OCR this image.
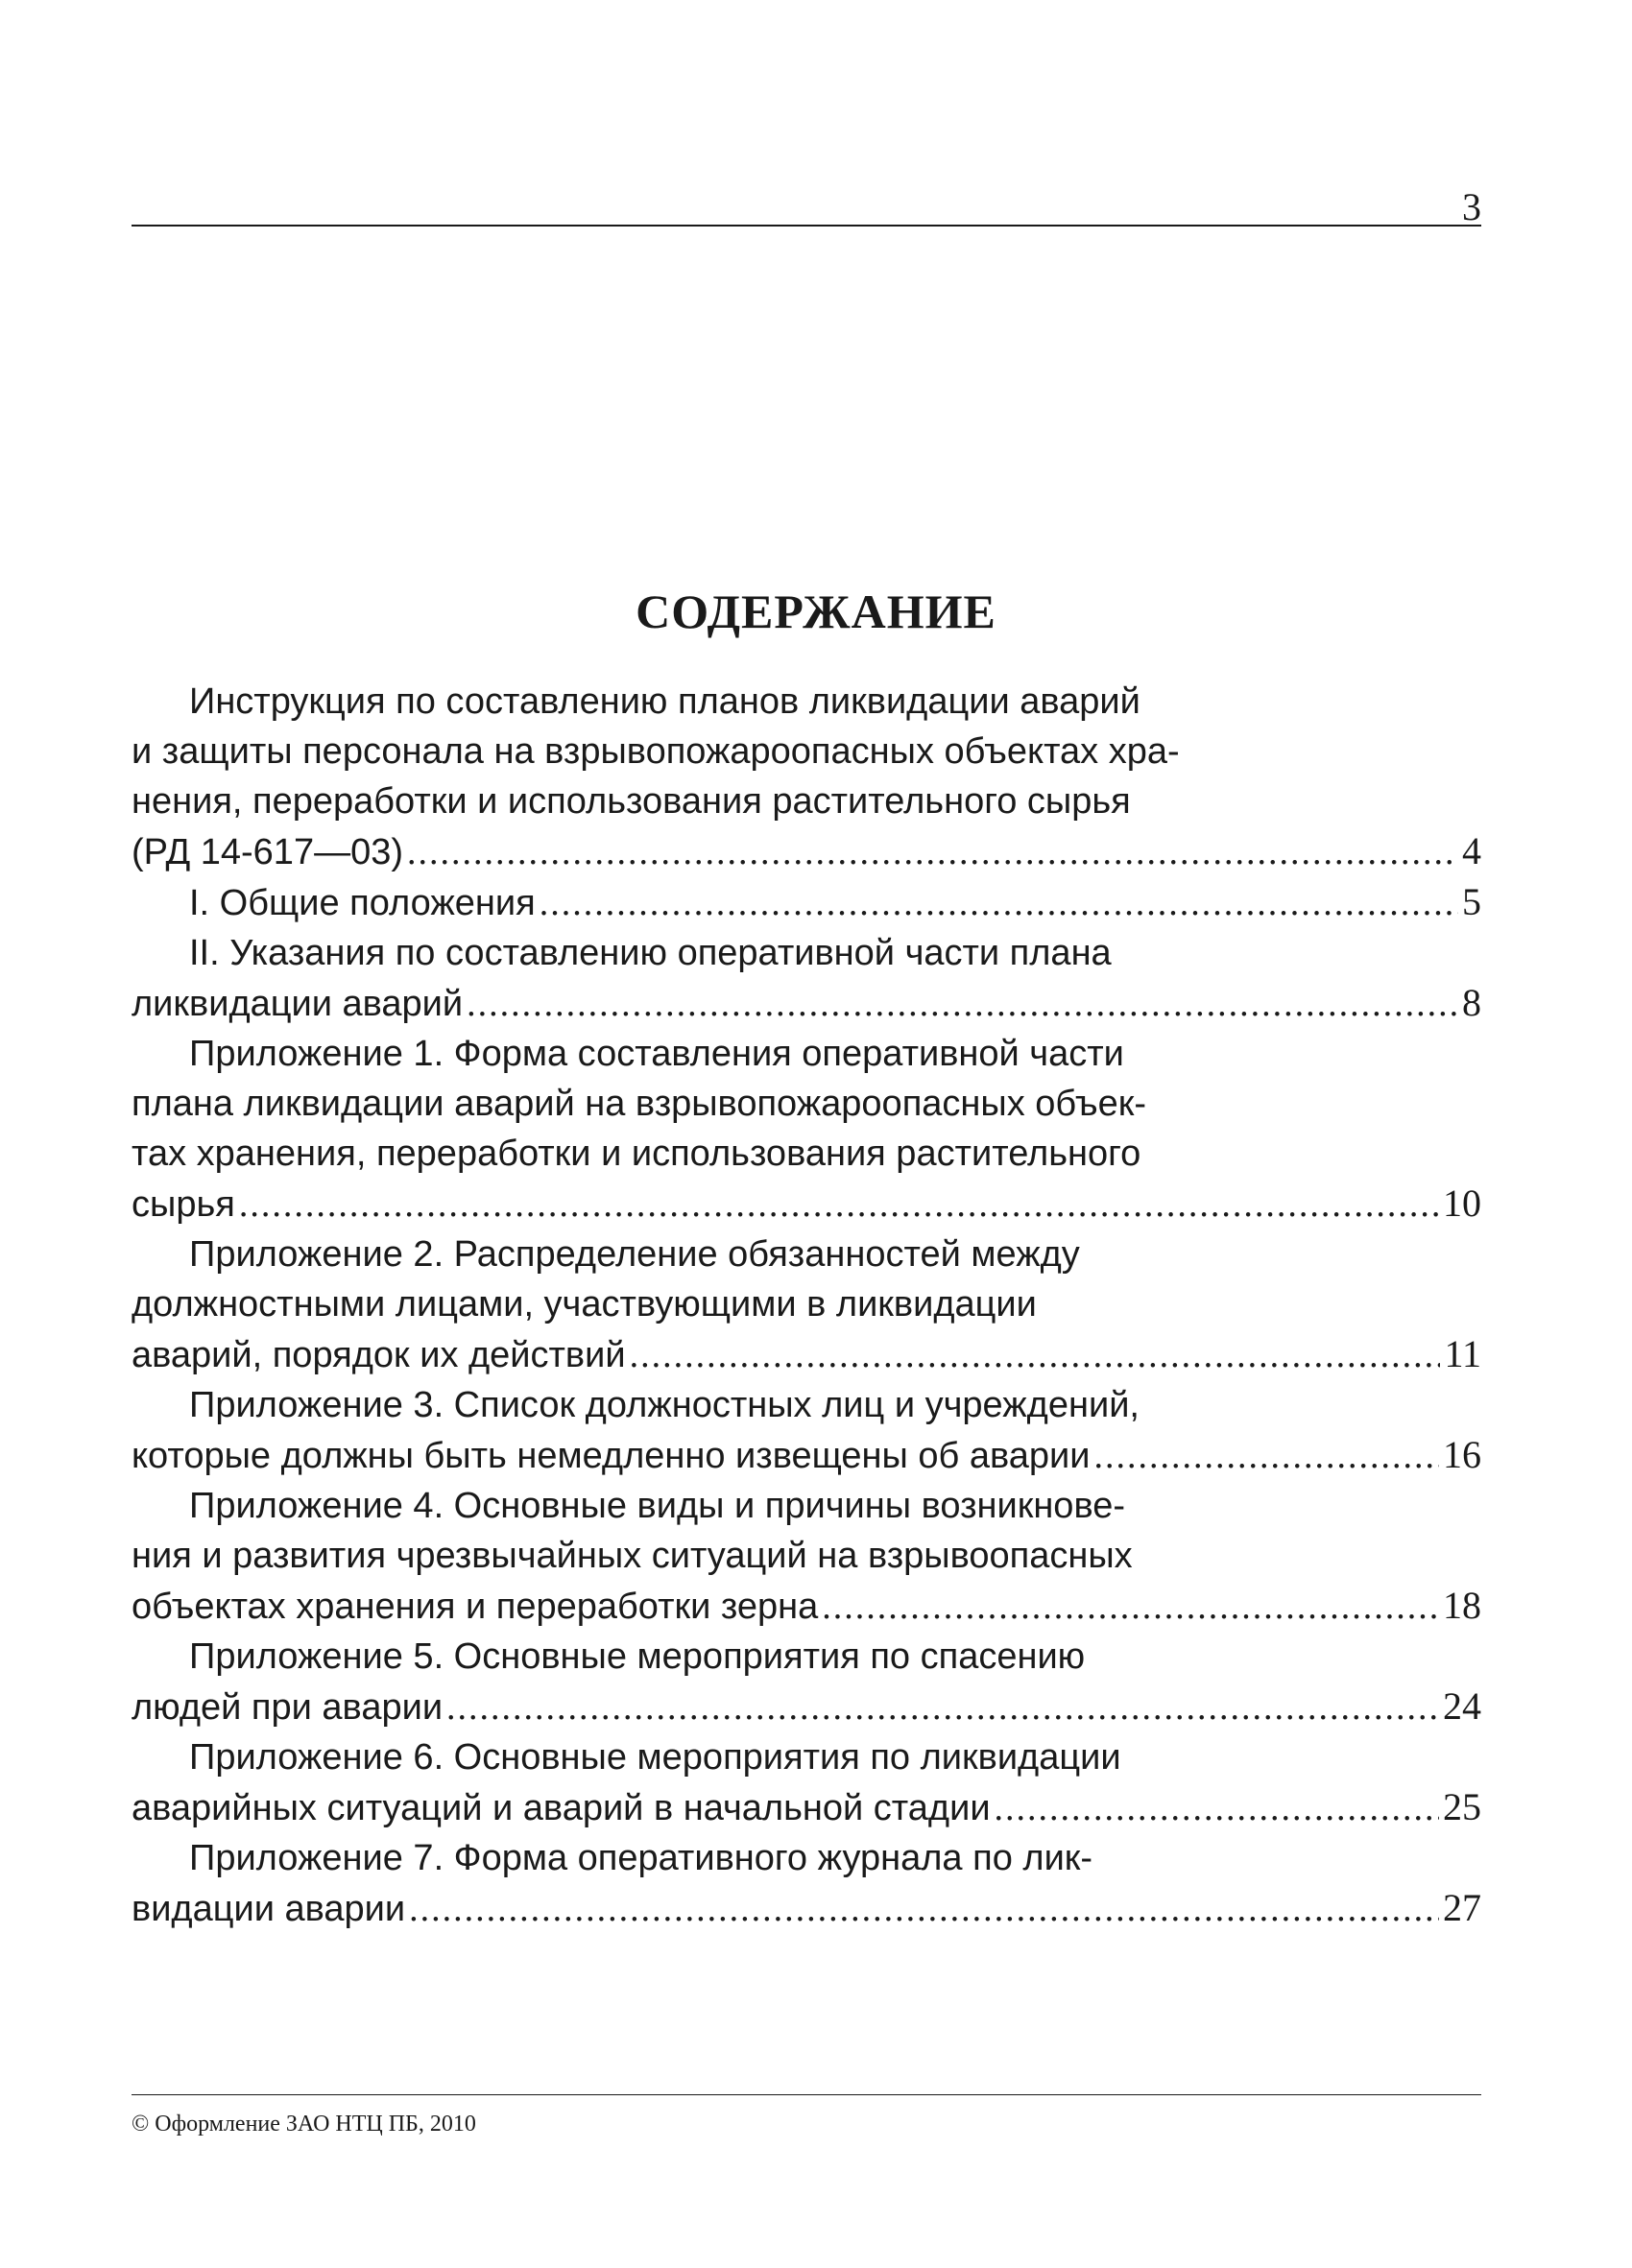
3
СОДЕРЖАНИЕ
Инструкция по составлению планов ликвидации аварий
и защиты персонала на взрывопожароопасных объектах хра-
нения, переработки и использования растительного сырья
(РД 14-617—03) .....	4
I. Общие положения .....	5
II. Указания по составлению оперативной части плана
ликвидации аварий .....	8
Приложение 1. Форма составления оперативной части
плана ликвидации аварий на взрывопожароопасных объек-
тах хранения, переработки и использования растительного
сырья .....	10
Приложение 2. Распределение обязанностей между
должностными лицами, участвующими в ликвидации
аварий, порядок их действий .....	11
Приложение 3. Список должностных лиц и учреждений,
которые должны быть немедленно извещены об аварии .....	16
Приложение 4. Основные виды и причины возникнове-
ния и развития чрезвычайных ситуаций на взрывоопасных
объектах хранения и переработки зерна .....	18
Приложение 5. Основные мероприятия по спасению
людей при аварии .....	24
Приложение 6. Основные мероприятия по ликвидации
аварийных ситуаций и аварий в начальной стадии .....	25
Приложение 7. Форма оперативного журнала по лик-
видации аварии .....	27
© Оформление ЗАО НТЦ ПБ, 2010
